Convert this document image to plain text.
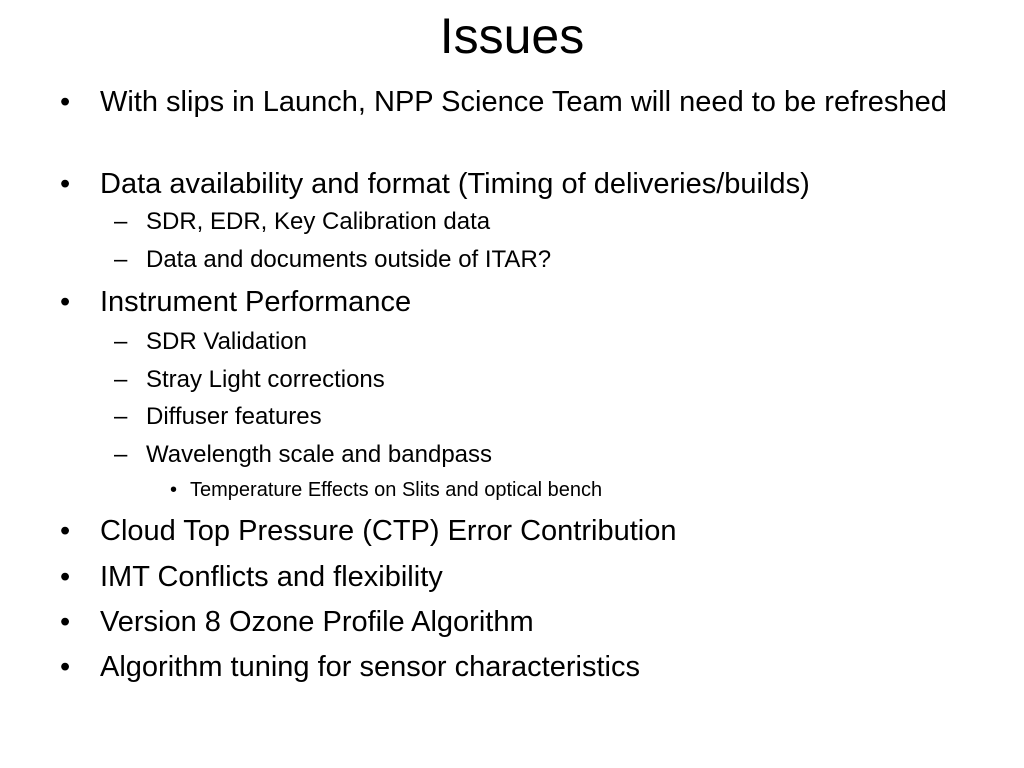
Issues
• With slips in Launch, NPP Science Team will need to be refreshed
• Data availability and format (Timing of deliveries/builds)
– SDR, EDR, Key Calibration data
– Data and documents outside of ITAR?
• Instrument Performance
– SDR Validation
– Stray Light corrections
– Diffuser features
– Wavelength scale and bandpass
• Temperature Effects on Slits and optical bench
• Cloud Top Pressure (CTP) Error Contribution
• IMT Conflicts and flexibility
• Version 8 Ozone Profile Algorithm
• Algorithm tuning for sensor characteristics
